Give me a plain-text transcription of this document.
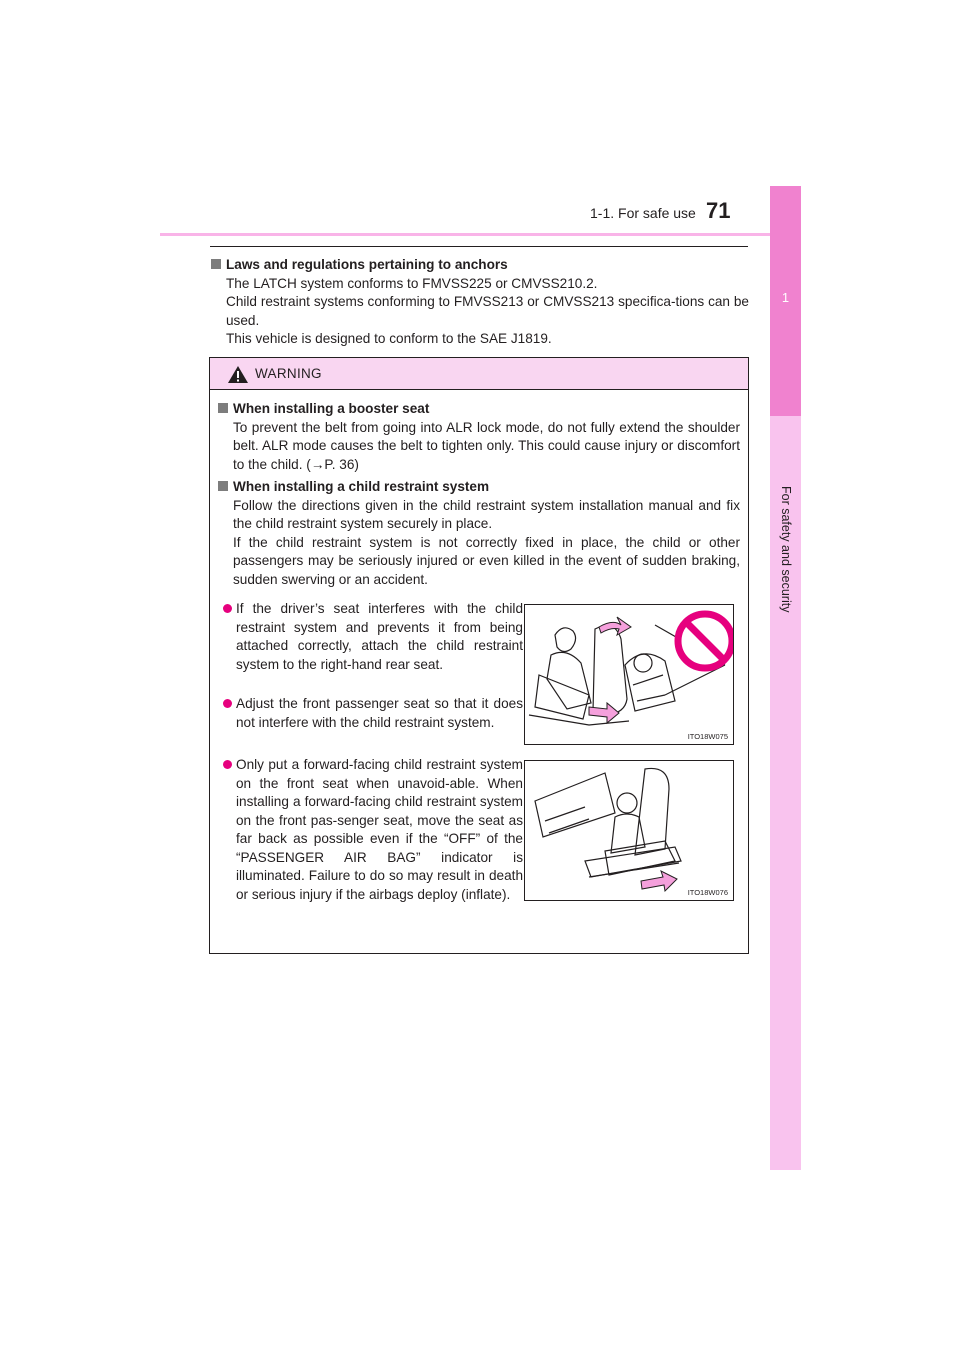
1-1. For safe use 71
1
For safety and security
Laws and regulations pertaining to anchors
The LATCH system conforms to FMVSS225 or CMVSS210.2.
Child restraint systems conforming to FMVSS213 or CMVSS213 specifica-tions can be used.
This vehicle is designed to conform to the SAE J1819.
WARNING
When installing a booster seat

To prevent the belt from going into ALR lock mode, do not fully extend the shoulder belt. ALR mode causes the belt to tighten only. This could cause injury or discomfort to the child. (→P. 36)

When installing a child restraint system

Follow the directions given in the child restraint system installation manual and fix the child restraint system securely in place.

If the child restraint system is not correctly fixed in place, the child or other passengers may be seriously injured or even killed in the event of sudden braking, sudden swerving or an accident.

If the driver’s seat interferes with the child restraint system and prevents it from being attached correctly, attach the child restraint system to the right-hand rear seat.
Adjust the front passenger seat so that it does not interfere with the child restraint system.
Only put a forward-facing child restraint system on the front seat when unavoid-able. When installing a forward-facing child restraint system on the front pas-senger seat, move the seat as far back as possible even if the “OFF” of the “PASSENGER AIR BAG” indicator is illuminated. Failure to do so may result in death or serious injury if the airbags deploy (inflate).
ITO18W075
ITO18W076
